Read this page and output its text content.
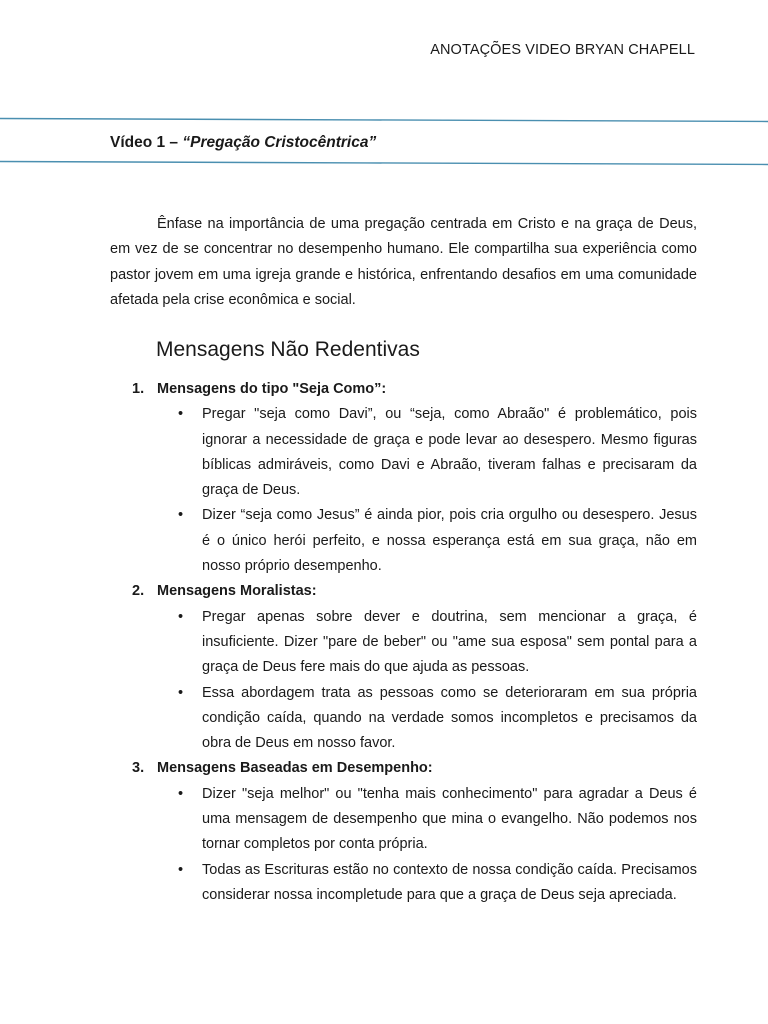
ANOTAÇÕES VIDEO BRYAN CHAPELL
Vídeo 1 – “Pregação Cristocêntrica”

Ênfase na importância de uma pregação centrada em Cristo e na graça de Deus, em vez de se concentrar no desempenho humano. Ele compartilha sua experiência como pastor jovem em uma igreja grande e histórica, enfrentando desafios em uma comunidade afetada pela crise econômica e social.

Mensagens Não Redentivas
1. Mensagens do tipo "Seja Como”:
• Pregar "seja como Davi”, ou “seja, como Abraão" é problemático, pois ignorar a necessidade de graça e pode levar ao desespero. Mesmo figuras bíblicas admiráveis, como Davi e Abraão, tiveram falhas e precisaram da graça de Deus.
• Dizer “seja como Jesus” é ainda pior, pois cria orgulho ou desespero. Jesus é o único herói perfeito, e nossa esperança está em sua graça, não em nosso próprio desempenho.
2. Mensagens Moralistas:
• Pregar apenas sobre dever e doutrina, sem mencionar a graça, é insuficiente. Dizer "pare de beber" ou "ame sua esposa" sem pontal para a graça de Deus fere mais do que ajuda as pessoas.
• Essa abordagem trata as pessoas como se deterioraram em sua própria condição caída, quando na verdade somos incompletos e precisamos da obra de Deus em nosso favor.
3. Mensagens Baseadas em Desempenho:
• Dizer "seja melhor" ou "tenha mais conhecimento" para agradar a Deus é uma mensagem de desempenho que mina o evangelho. Não podemos nos tornar completos por conta própria.
• Todas as Escrituras estão no contexto de nossa condição caída. Precisamos considerar nossa incompletude para que a graça de Deus seja apreciada.
